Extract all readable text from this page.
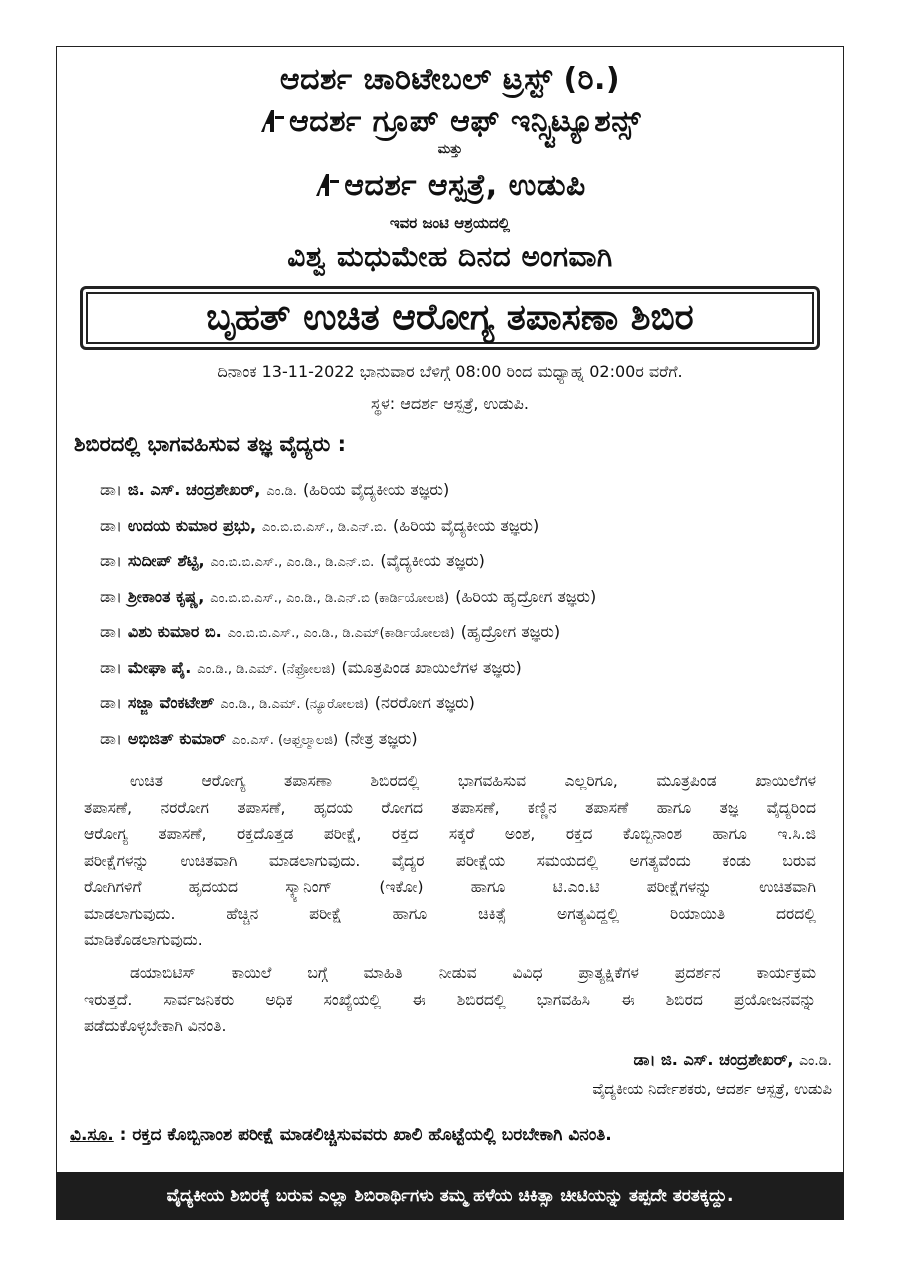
ಆದರ್ಶ ಚಾರಿಟೇಬಲ್ ಟ್ರಸ್ಟ್ (ರಿ.)
ಆದರ್ಶ ಗ್ರೂಪ್ ಆಫ್ ಇನ್ಸ್ಟಿಟ್ಯೂಶನ್ಸ್
ಮತ್ತು
ಆದರ್ಶ ಆಸ್ಪತ್ರೆ, ಉಡುಪಿ
ಇವರ ಜಂಟಿ ಆಶ್ರಯದಲ್ಲಿ
ವಿಶ್ವ ಮಧುಮೇಹ ದಿನದ ಅಂಗವಾಗಿ
ಬೃಹತ್ ಉಚಿತ ಆರೋಗ್ಯ ತಪಾಸಣಾ ಶಿಬಿರ
ದಿನಾಂಕ 13-11-2022 ಭಾನುವಾರ ಬೆಳಿಗ್ಗೆ 08:00 ರಿಂದ ಮಧ್ಯಾಹ್ನ 02:00ರ ವರೆಗೆ.
ಸ್ಥಳ: ಆದರ್ಶ ಆಸ್ಪತ್ರೆ, ಉಡುಪಿ.
ಶಿಬಿರದಲ್ಲಿ ಭಾಗವಹಿಸುವ ತಜ್ಞ ವೈದ್ಯರು :
ಡಾ। ಜಿ. ಎಸ್. ಚಂದ್ರಶೇಖರ್, ಎಂ.ಡಿ. (ಹಿರಿಯ ವೈದ್ಯಕೀಯ ತಜ್ಞರು)
ಡಾ। ಉದಯ ಕುಮಾರ ಪ್ರಭು, ಎಂ.ಬಿ.ಬಿ.ಎಸ್., ಡಿ.ಎನ್.ಬಿ. (ಹಿರಿಯ ವೈದ್ಯಕೀಯ ತಜ್ಞರು)
ಡಾ। ಸುದೀಪ್ ಶೆಟ್ಟಿ, ಎಂ.ಬಿ.ಬಿ.ಎಸ್., ಎಂ.ಡಿ., ಡಿ.ಎನ್.ಬಿ. (ವೈದ್ಯಕೀಯ ತಜ್ಞರು)
ಡಾ। ಶ್ರೀಕಾಂತ ಕೃಷ್ಣ, ಎಂ.ಬಿ.ಬಿ.ಎಸ್., ಎಂ.ಡಿ., ಡಿ.ಎನ್.ಬಿ (ಕಾರ್ಡಿಯೋಲಜಿ) (ಹಿರಿಯ ಹೃದ್ರೋಗ ತಜ್ಞರು)
ಡಾ। ವಿಶು ಕುಮಾರ ಬಿ. ಎಂ.ಬಿ.ಬಿ.ಎಸ್., ಎಂ.ಡಿ., ಡಿ.ಎಮ್(ಕಾರ್ಡಿಯೋಲಜಿ) (ಹೃದ್ರೋಗ ತಜ್ಞರು)
ಡಾ। ಮೇಘಾ ಪೈ. ಎಂ.ಡಿ., ಡಿ.ಎಮ್. (ನೆಫ್ರೋಲಜಿ) (ಮೂತ್ರಪಿಂಡ ಖಾಯಿಲೆಗಳ ತಜ್ಞರು)
ಡಾ। ಸಜ್ಜಾ ವೆಂಕಟೇಶ್ ಎಂ.ಡಿ., ಡಿ.ಎಮ್. (ನ್ಯೂರೋಲಜಿ) (ನರರೋಗ ತಜ್ಞರು)
ಡಾ। ಅಭಿಜಿತ್ ಕುಮಾರ್ ಎಂ.ಎಸ್. (ಆಫ್ತಲ್ಮಾಲಜಿ) (ನೇತ್ರ ತಜ್ಞರು)
ಉಚಿತ ಆರೋಗ್ಯ ತಪಾಸಣಾ ಶಿಬಿರದಲ್ಲಿ ಭಾಗವಹಿಸುವ ಎಲ್ಲರಿಗೂ, ಮೂತ್ರಪಿಂಡ ಖಾಯಿಲೆಗಳ
ತಪಾಸಣೆ, ನರರೋಗ ತಪಾಸಣೆ, ಹೃದಯ ರೋಗದ ತಪಾಸಣೆ, ಕಣ್ಣಿನ ತಪಾಸಣೆ ಹಾಗೂ ತಜ್ಞ ವೈದ್ಯರಿಂದ
ಆರೋಗ್ಯ ತಪಾಸಣೆ, ರಕ್ತದೊತ್ತಡ ಪರೀಕ್ಷೆ, ರಕ್ತದ ಸಕ್ಕರೆ ಅಂಶ, ರಕ್ತದ ಕೊಬ್ಬಿನಾಂಶ ಹಾಗೂ ಇ.ಸಿ.ಜಿ
ಪರೀಕ್ಷೆಗಳನ್ನು ಉಚಿತವಾಗಿ ಮಾಡಲಾಗುವುದು. ವೈದ್ಯರ ಪರೀಕ್ಷೆಯ ಸಮಯದಲ್ಲಿ ಅಗತ್ಯವೆಂದು ಕಂಡು ಬರುವ
ರೋಗಿಗಳಿಗೆ ಹೃದಯದ ಸ್ಕ್ಯಾನಿಂಗ್ (ಇಕೋ) ಹಾಗೂ ಟಿ.ಎಂ.ಟಿ ಪರೀಕ್ಷೆಗಳನ್ನು ಉಚಿತವಾಗಿ
ಮಾಡಲಾಗುವುದು. ಹೆಚ್ಚಿನ ಪರೀಕ್ಷೆ ಹಾಗೂ ಚಿಕಿತ್ಸೆ ಅಗತ್ಯವಿದ್ದಲ್ಲಿ ರಿಯಾಯಿತಿ ದರದಲ್ಲಿ
ಮಾಡಿಕೊಡಲಾಗುವುದು.
ಡಯಾಬಿಟಿಸ್ ಕಾಯಿಲೆ ಬಗ್ಗೆ ಮಾಹಿತಿ ನೀಡುವ ವಿವಿಧ ಪ್ರಾತ್ಯಕ್ಷಿಕೆಗಳ ಪ್ರದರ್ಶನ ಕಾರ್ಯಕ್ರಮ
ಇರುತ್ತದೆ. ಸಾರ್ವಜನಿಕರು ಅಧಿಕ ಸಂಖ್ಯೆಯಲ್ಲಿ ಈ ಶಿಬಿರದಲ್ಲಿ ಭಾಗವಹಿಸಿ ಈ ಶಿಬಿರದ ಪ್ರಯೋಜನವನ್ನು
ಪಡೆದುಕೊಳ್ಳಬೇಕಾಗಿ ವಿನಂತಿ.
ಡಾ। ಜಿ. ಎಸ್. ಚಂದ್ರಶೇಖರ್, ಎಂ.ಡಿ.
ವೈದ್ಯಕೀಯ ನಿರ್ದೇಶಕರು, ಆದರ್ಶ ಆಸ್ಪತ್ರೆ, ಉಡುಪಿ
ವಿ.ಸೂ. : ರಕ್ತದ ಕೊಬ್ಬಿನಾಂಶ ಪರೀಕ್ಷೆ ಮಾಡಲಿಚ್ಚಿಸುವವರು ಖಾಲಿ ಹೊಟ್ಟೆಯಲ್ಲಿ ಬರಬೇಕಾಗಿ ವಿನಂತಿ.
ವೈದ್ಯಕೀಯ ಶಿಬಿರಕ್ಕೆ ಬರುವ ಎಲ್ಲಾ ಶಿಬಿರಾರ್ಥಿಗಳು ತಮ್ಮ ಹಳೆಯ ಚಿಕಿತ್ಸಾ ಚೀಟಿಯನ್ನು ತಪ್ಪದೇ ತರತಕ್ಕದ್ದು.
